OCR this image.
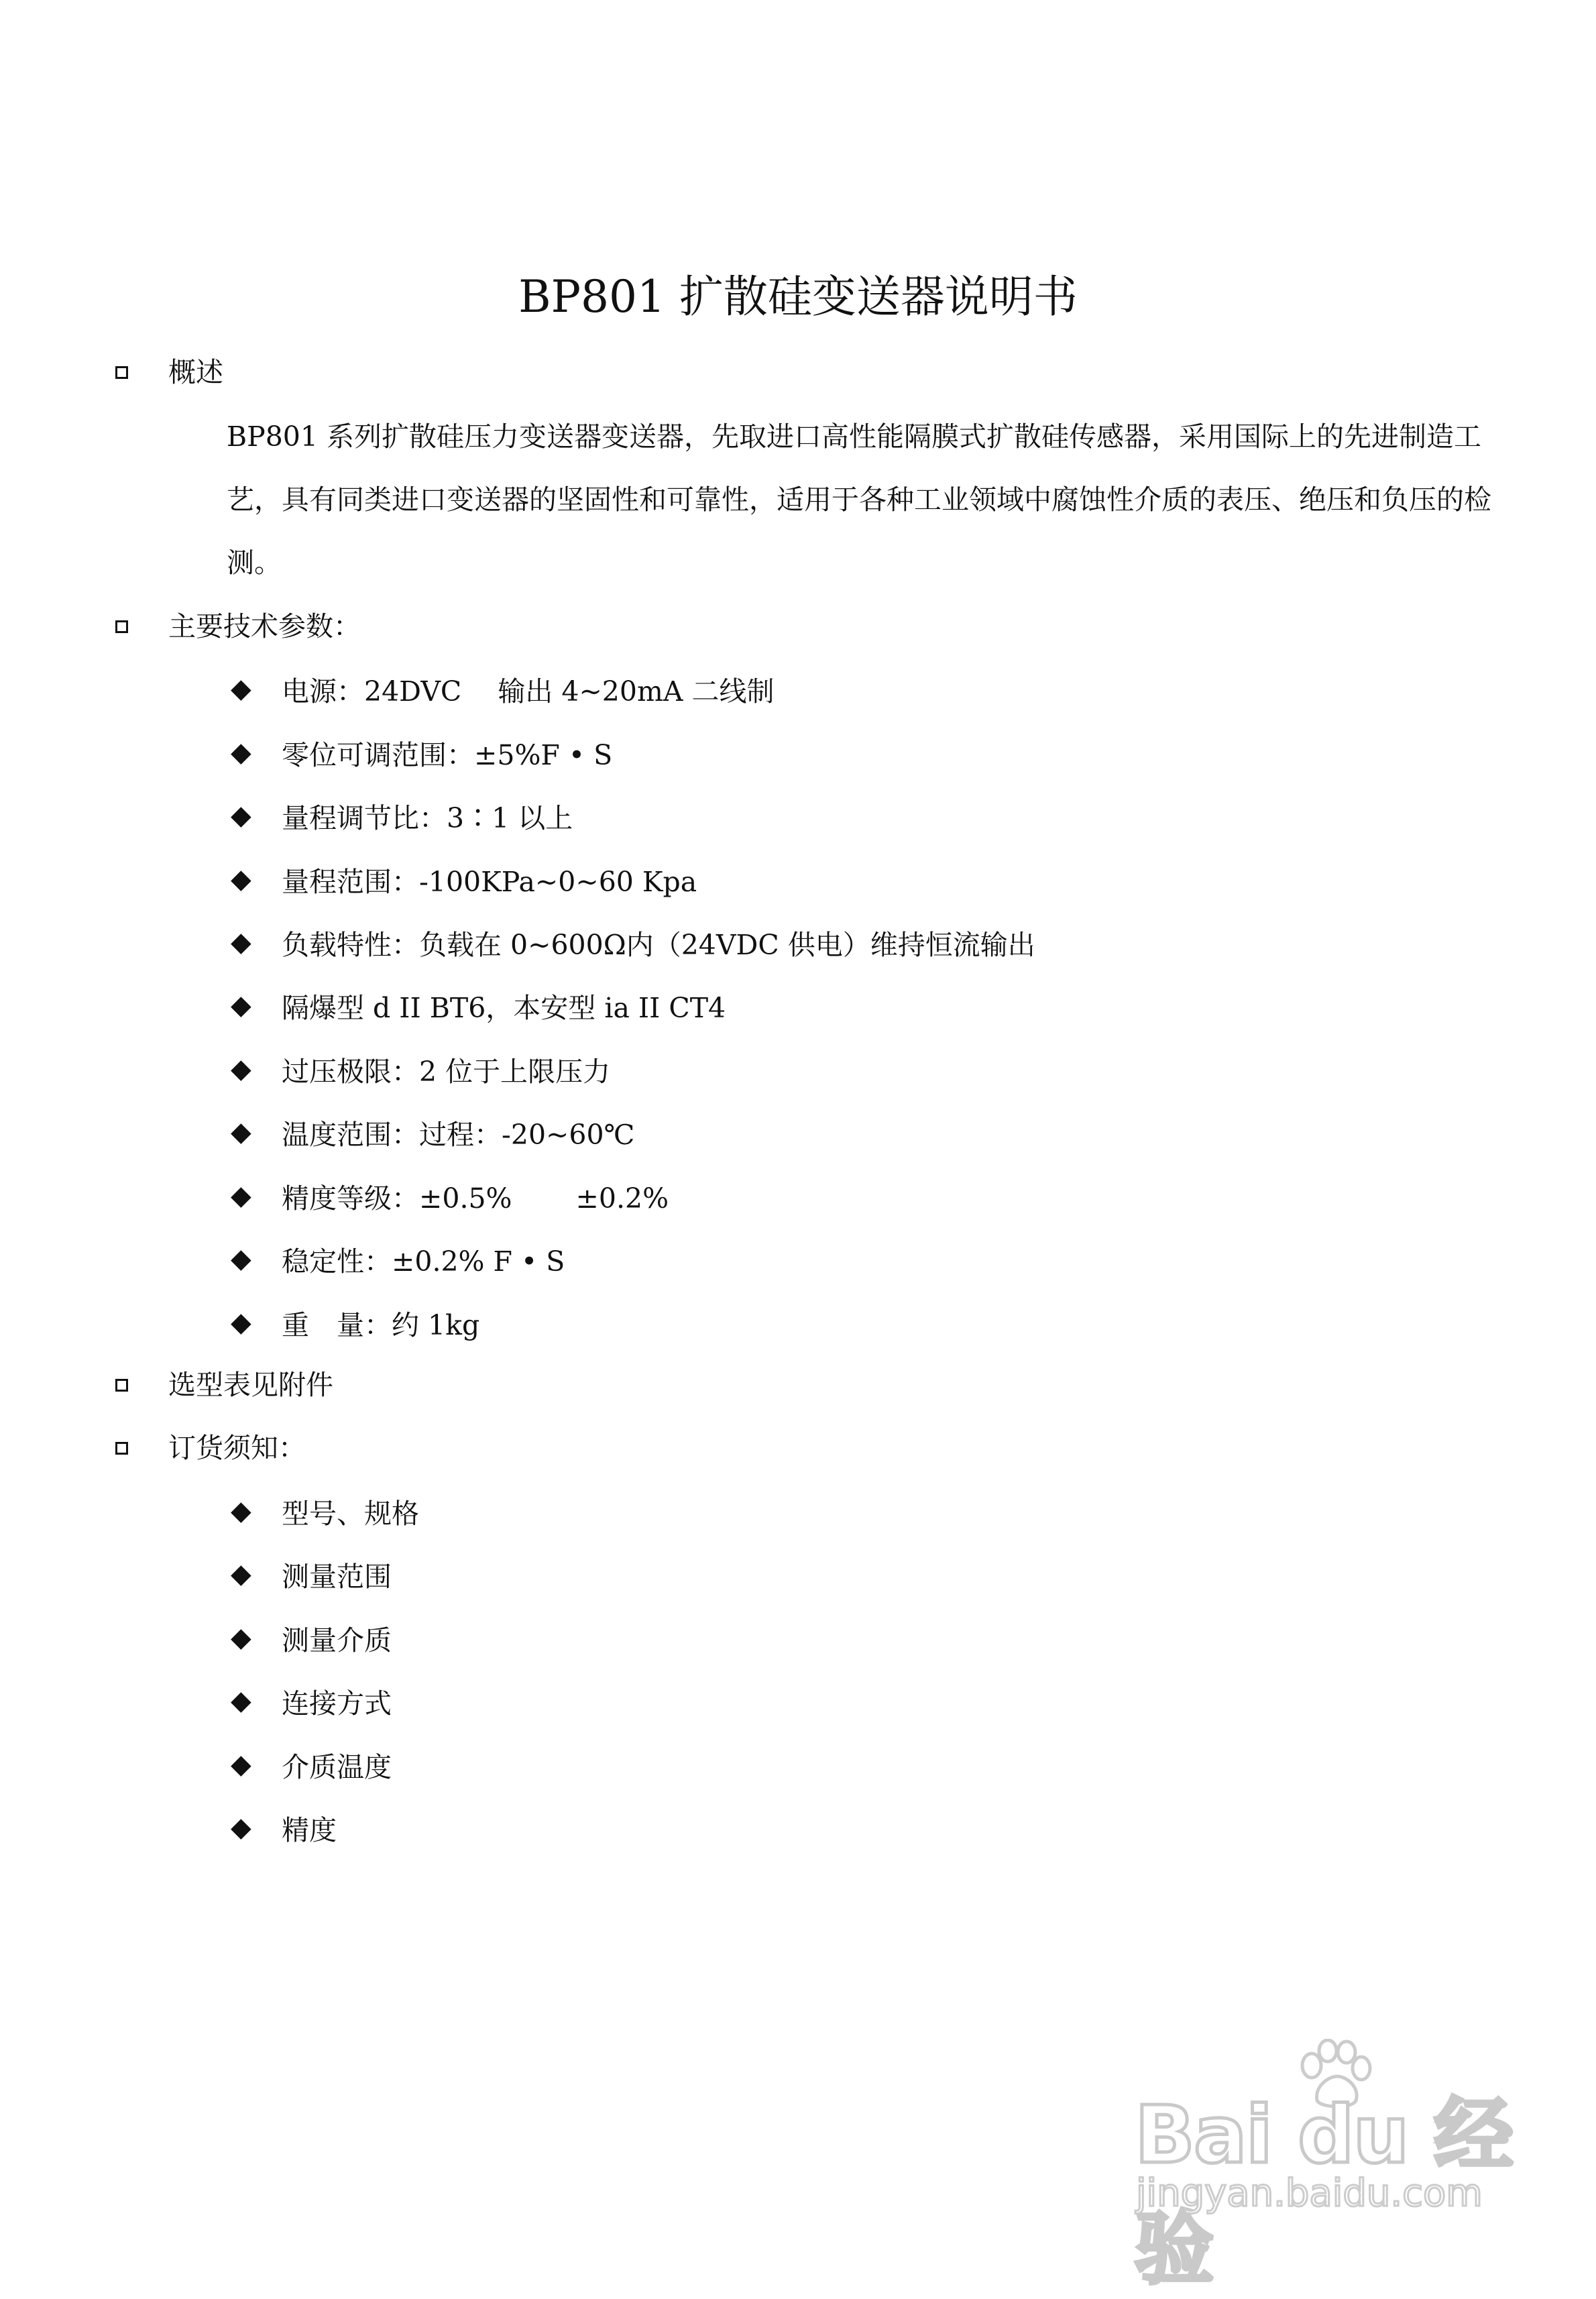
BP801 扩散硅变送器说明书
概述

BP801 系列扩散硅压力变送器变送器，先取进口高性能隔膜式扩散硅传感器，采用国际上的先进制造工艺，具有同类进口变送器的坚固性和可靠性，适用于各种工业领域中腐蚀性介质的表压、绝压和负压的检测。

主要技术参数：
◆ 电源：24DVC　 输出 4~20mA 二线制
◆ 零位可调范围：±5%F • S
◆ 量程调节比：3∶1 以上
◆ 量程范围：-100KPa~0~60 Kpa
◆ 负载特性：负载在 0~600Ω内（24VDC 供电）维持恒流输出
◆ 隔爆型 d II BT6，本安型 ia II CT4
◆ 过压极限：2 位于上限压力
◆ 温度范围：过程：-20~60℃
◆ 精度等级：±0.5%　　 ±0.2%
◆ 稳定性：±0.2% F • S
◆ 重　量：约 1kg
选型表见附件
订货须知：
◆ 型号、规格
◆ 测量范围
◆ 测量介质
◆ 连接方式
◆ 介质温度
◆ 精度
Bai du 经验
jingyan.baidu.com
